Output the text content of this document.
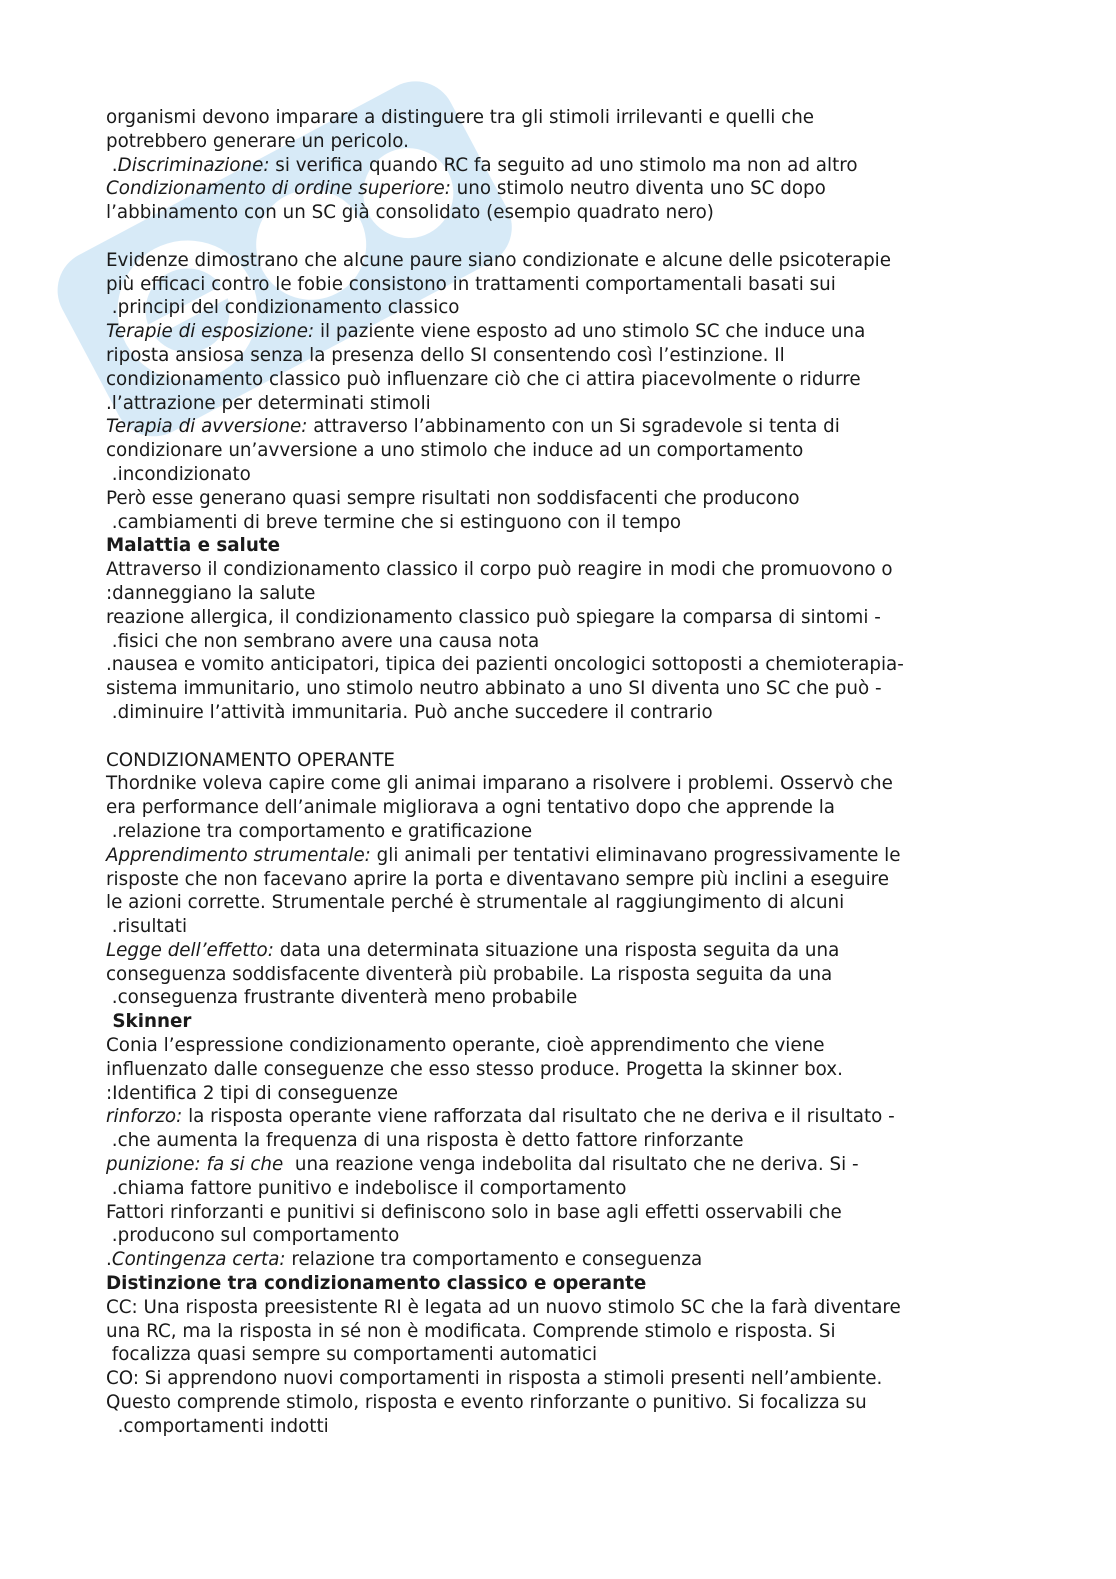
organismi devono imparare a distinguere tra gli stimoli irrilevanti e quelli che
potrebbero generare un pericolo.
.Discriminazione: si verifica quando RC fa seguito ad uno stimolo ma non ad altro
Condizionamento di ordine superiore: uno stimolo neutro diventa uno SC dopo
l’abbinamento con un SC già consolidato (esempio quadrato nero)
Evidenze dimostrano che alcune paure siano condizionate e alcune delle psicoterapie
più efficaci contro le fobie consistono in trattamenti comportamentali basati sui
.principi del condizionamento classico
Terapie di esposizione: il paziente viene esposto ad uno stimolo SC che induce una
riposta ansiosa senza la presenza dello SI consentendo così l’estinzione. Il
condizionamento classico può influenzare ciò che ci attira piacevolmente o ridurre
.l’attrazione per determinati stimoli
Terapia di avversione: attraverso l’abbinamento con un Si sgradevole si tenta di
condizionare un’avversione a uno stimolo che induce ad un comportamento
.incondizionato
Però esse generano quasi sempre risultati non soddisfacenti che producono
.cambiamenti di breve termine che si estinguono con il tempo
Malattia e salute
Attraverso il condizionamento classico il corpo può reagire in modi che promuovono o
:danneggiano la salute
reazione allergica, il condizionamento classico può spiegare la comparsa di sintomi -
.fisici che non sembrano avere una causa nota
.nausea e vomito anticipatori, tipica dei pazienti oncologici sottoposti a chemioterapia-
sistema immunitario, uno stimolo neutro abbinato a uno SI diventa uno SC che può -
.diminuire l’attività immunitaria. Può anche succedere il contrario
CONDIZIONAMENTO OPERANTE
Thordnike voleva capire come gli animai imparano a risolvere i problemi. Osservò che
era performance dell’animale migliorava a ogni tentativo dopo che apprende la
.relazione tra comportamento e gratificazione
Apprendimento strumentale: gli animali per tentativi eliminavano progressivamente le
risposte che non facevano aprire la porta e diventavano sempre più inclini a eseguire
le azioni corrette. Strumentale perché è strumentale al raggiungimento di alcuni
.risultati
Legge dell’effetto: data una determinata situazione una risposta seguita da una
conseguenza soddisfacente diventerà più probabile. La risposta seguita da una
.conseguenza frustrante diventerà meno probabile
Skinner
Conia l’espressione condizionamento operante, cioè apprendimento che viene
influenzato dalle conseguenze che esso stesso produce. Progetta la skinner box.
:Identifica 2 tipi di conseguenze
rinforzo: la risposta operante viene rafforzata dal risultato che ne deriva e il risultato -
.che aumenta la frequenza di una risposta è detto fattore rinforzante
punizione: fa si che  una reazione venga indebolita dal risultato che ne deriva. Si -
.chiama fattore punitivo e indebolisce il comportamento
Fattori rinforzanti e punitivi si definiscono solo in base agli effetti osservabili che
.producono sul comportamento
.Contingenza certa: relazione tra comportamento e conseguenza
Distinzione tra condizionamento classico e operante
CC: Una risposta preesistente RI è legata ad un nuovo stimolo SC che la farà diventare
una RC, ma la risposta in sé non è modificata. Comprende stimolo e risposta. Si
focalizza quasi sempre su comportamenti automatici
CO: Si apprendono nuovi comportamenti in risposta a stimoli presenti nell’ambiente.
Questo comprende stimolo, risposta e evento rinforzante o punitivo. Si focalizza su
.comportamenti indotti
